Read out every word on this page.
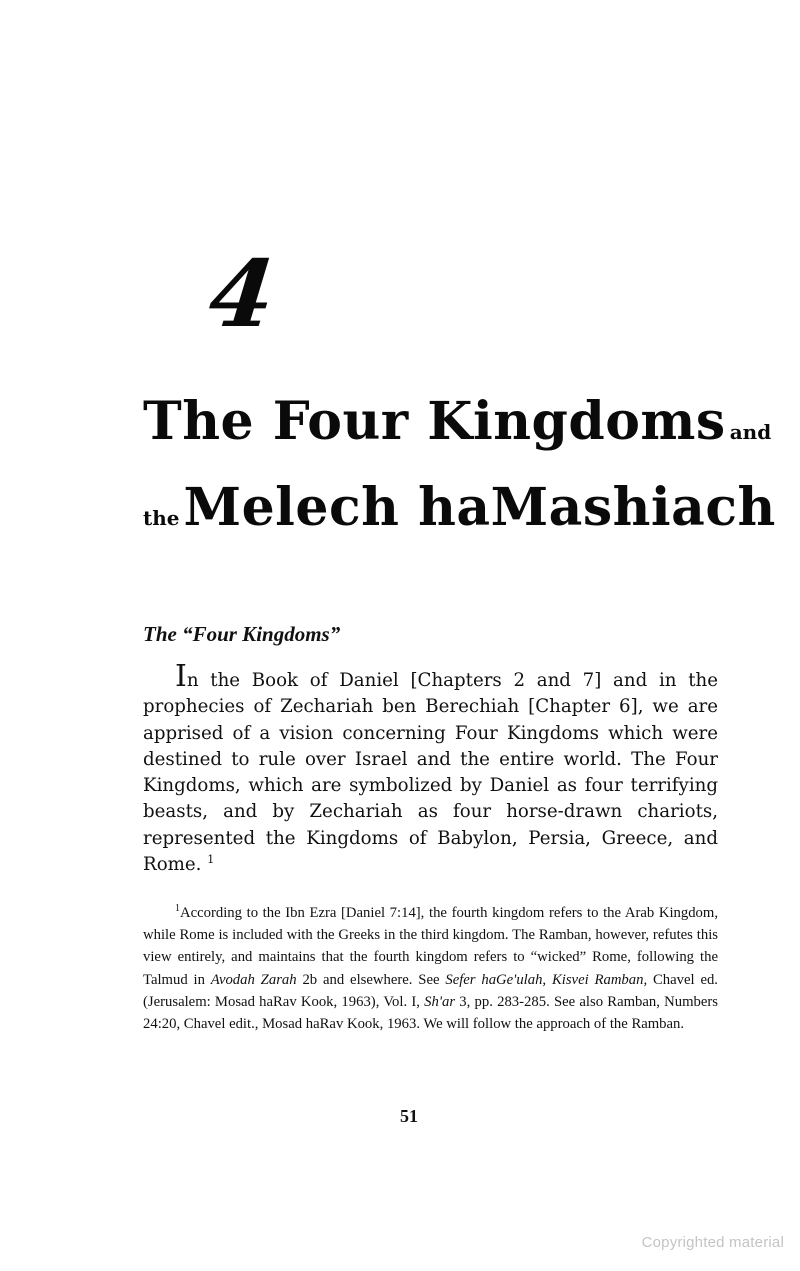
4
The Four Kingdoms and
theMelech haMashiach
The “Four Kingdoms”

In the Book of Daniel [Chapters 2 and 7] and in the prophecies of Zechariah ben Berechiah [Chapter 6], we are apprised of a vision concerning Four Kingdoms which were destined to rule over Israel and the entire world. The Four Kingdoms, which are symbolized by Daniel as four terrifying beasts, and by Zechariah as four horse-drawn chariots, represented the Kingdoms of Babylon, Persia, Greece, and Rome. $^1$

$^1$According to the Ibn Ezra [Daniel 7:14], the fourth kingdom refers to the Arab Kingdom, while Rome is included with the Greeks in the third kingdom. The Ramban, however, refutes this view entirely, and maintains that the fourth kingdom refers to “wicked” Rome, following the Talmud in Avodah Zarah 2b and elsewhere. See Sefer haGe'ulah, Kisvei Ramban, Chavel ed. (Jerusalem: Mosad haRav Kook, 1963), Vol. I, Sh'ar 3, pp. 283-285. See also Ramban, Numbers 24:20, Chavel edit., Mosad haRav Kook, 1963. We will follow the approach of the Ramban.

51
Copyrighted material
